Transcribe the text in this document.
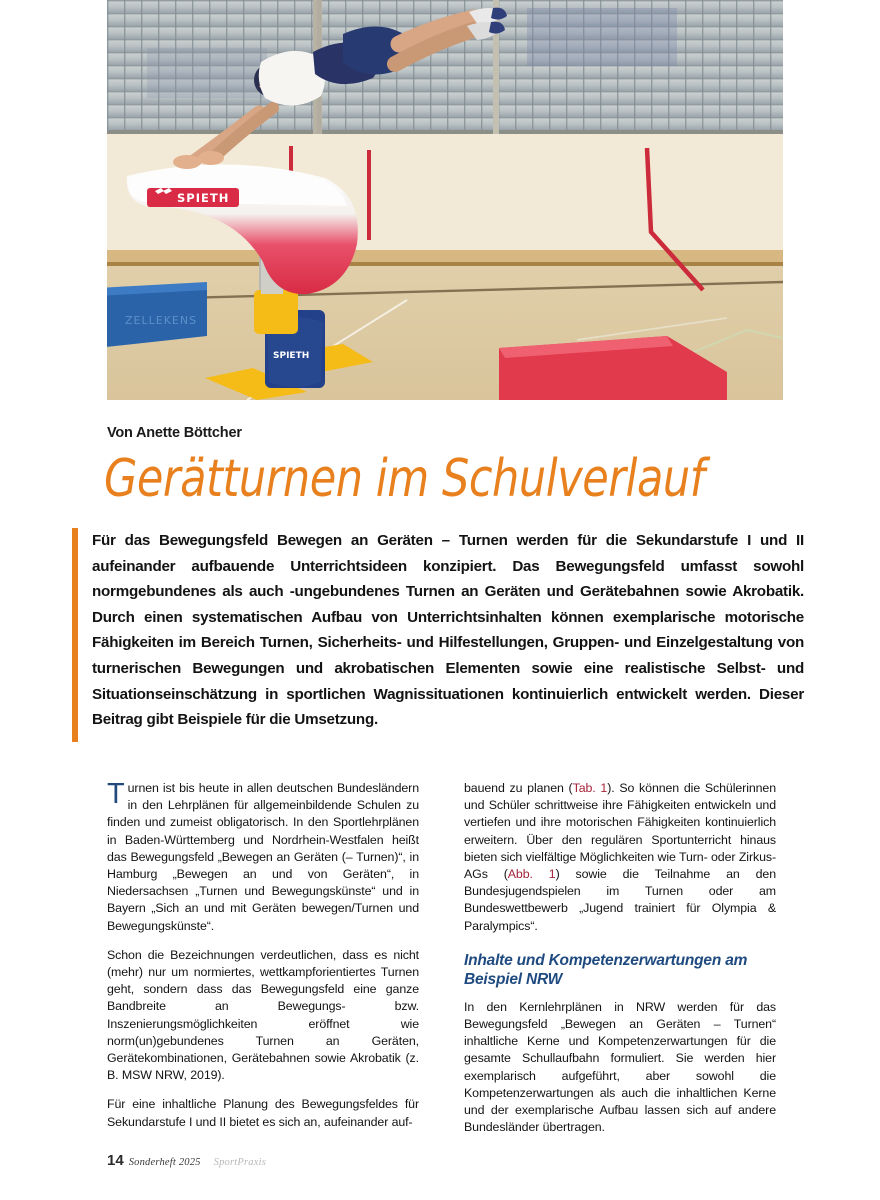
ZELLEKENS
SPIETH
SPIETH
Von Anette Böttcher
Gerätturnen im Schulverlauf
Für das Bewegungsfeld Bewegen an Geräten – Turnen werden für die Sekundarstufe I und II aufeinander aufbauende Unterrichtsideen konzipiert. Das Bewegungsfeld umfasst sowohl normgebundenes als auch -ungebundenes Turnen an Geräten und Gerätebahnen sowie Akrobatik. Durch einen systematischen Aufbau von Unterrichtsinhalten können exemplarische motorische Fähigkeiten im Bereich Turnen, Sicherheits- und Hilfestellungen, Gruppen- und Einzelgestaltung von turnerischen Bewegungen und akrobatischen Elementen sowie eine realistische Selbst- und Situationseinschätzung in sportlichen Wagnissituationen kontinuierlich entwickelt werden. Dieser Beitrag gibt Beispiele für die Umsetzung.

Turnen ist bis heute in allen deutschen Bundesländern in den Lehrplänen für allgemeinbildende Schulen zu finden und zumeist obligatorisch. In den Sportlehrplänen in Baden-Württemberg und Nordrhein-Westfalen heißt das Bewegungsfeld „Bewegen an Geräten (– Turnen)“, in Hamburg „Bewegen an und von Geräten“, in Niedersachsen „Turnen und Bewegungskünste“ und in Bayern „Sich an und mit Geräten bewegen/Turnen und Bewegungskünste“.

Schon die Bezeichnungen verdeutlichen, dass es nicht (mehr) nur um normiertes, wettkampforientiertes Turnen geht, sondern dass das Bewegungsfeld eine ganze Bandbreite an Bewegungs- bzw. Inszenierungsmöglichkeiten eröffnet wie norm(un)gebundenes Turnen an Geräten, Gerätekombinationen, Gerätebahnen sowie Akrobatik (z. B. MSW NRW, 2019).

Für eine inhaltliche Planung des Bewegungsfeldes für Sekundarstufe I und II bietet es sich an, aufeinander auf-

bauend zu planen (Tab. 1). So können die Schülerinnen und Schüler schrittweise ihre Fähigkeiten entwickeln und vertiefen und ihre motorischen Fähigkeiten kontinuierlich erweitern. Über den regulären Sportunterricht hinaus bieten sich vielfältige Möglichkeiten wie Turn- oder Zirkus-AGs (Abb. 1) sowie die Teilnahme an den Bundesjugendspielen im Turnen oder am Bundeswettbewerb „Jugend trainiert für Olympia & Paralympics“.

Inhalte und Kompetenzerwartungen am Beispiel NRW

In den Kernlehrplänen in NRW werden für das Bewegungsfeld „Bewegen an Geräten – Turnen“ inhaltliche Kerne und Kompetenzerwartungen für die gesamte Schullaufbahn formuliert. Sie werden hier exemplarisch aufgeführt, aber sowohl die Kompetenzerwartungen als auch die inhaltlichen Kerne und der exemplarische Aufbau lassen sich auf andere Bundesländer übertragen.

14 Sonderheft 2025 SportPraxis
